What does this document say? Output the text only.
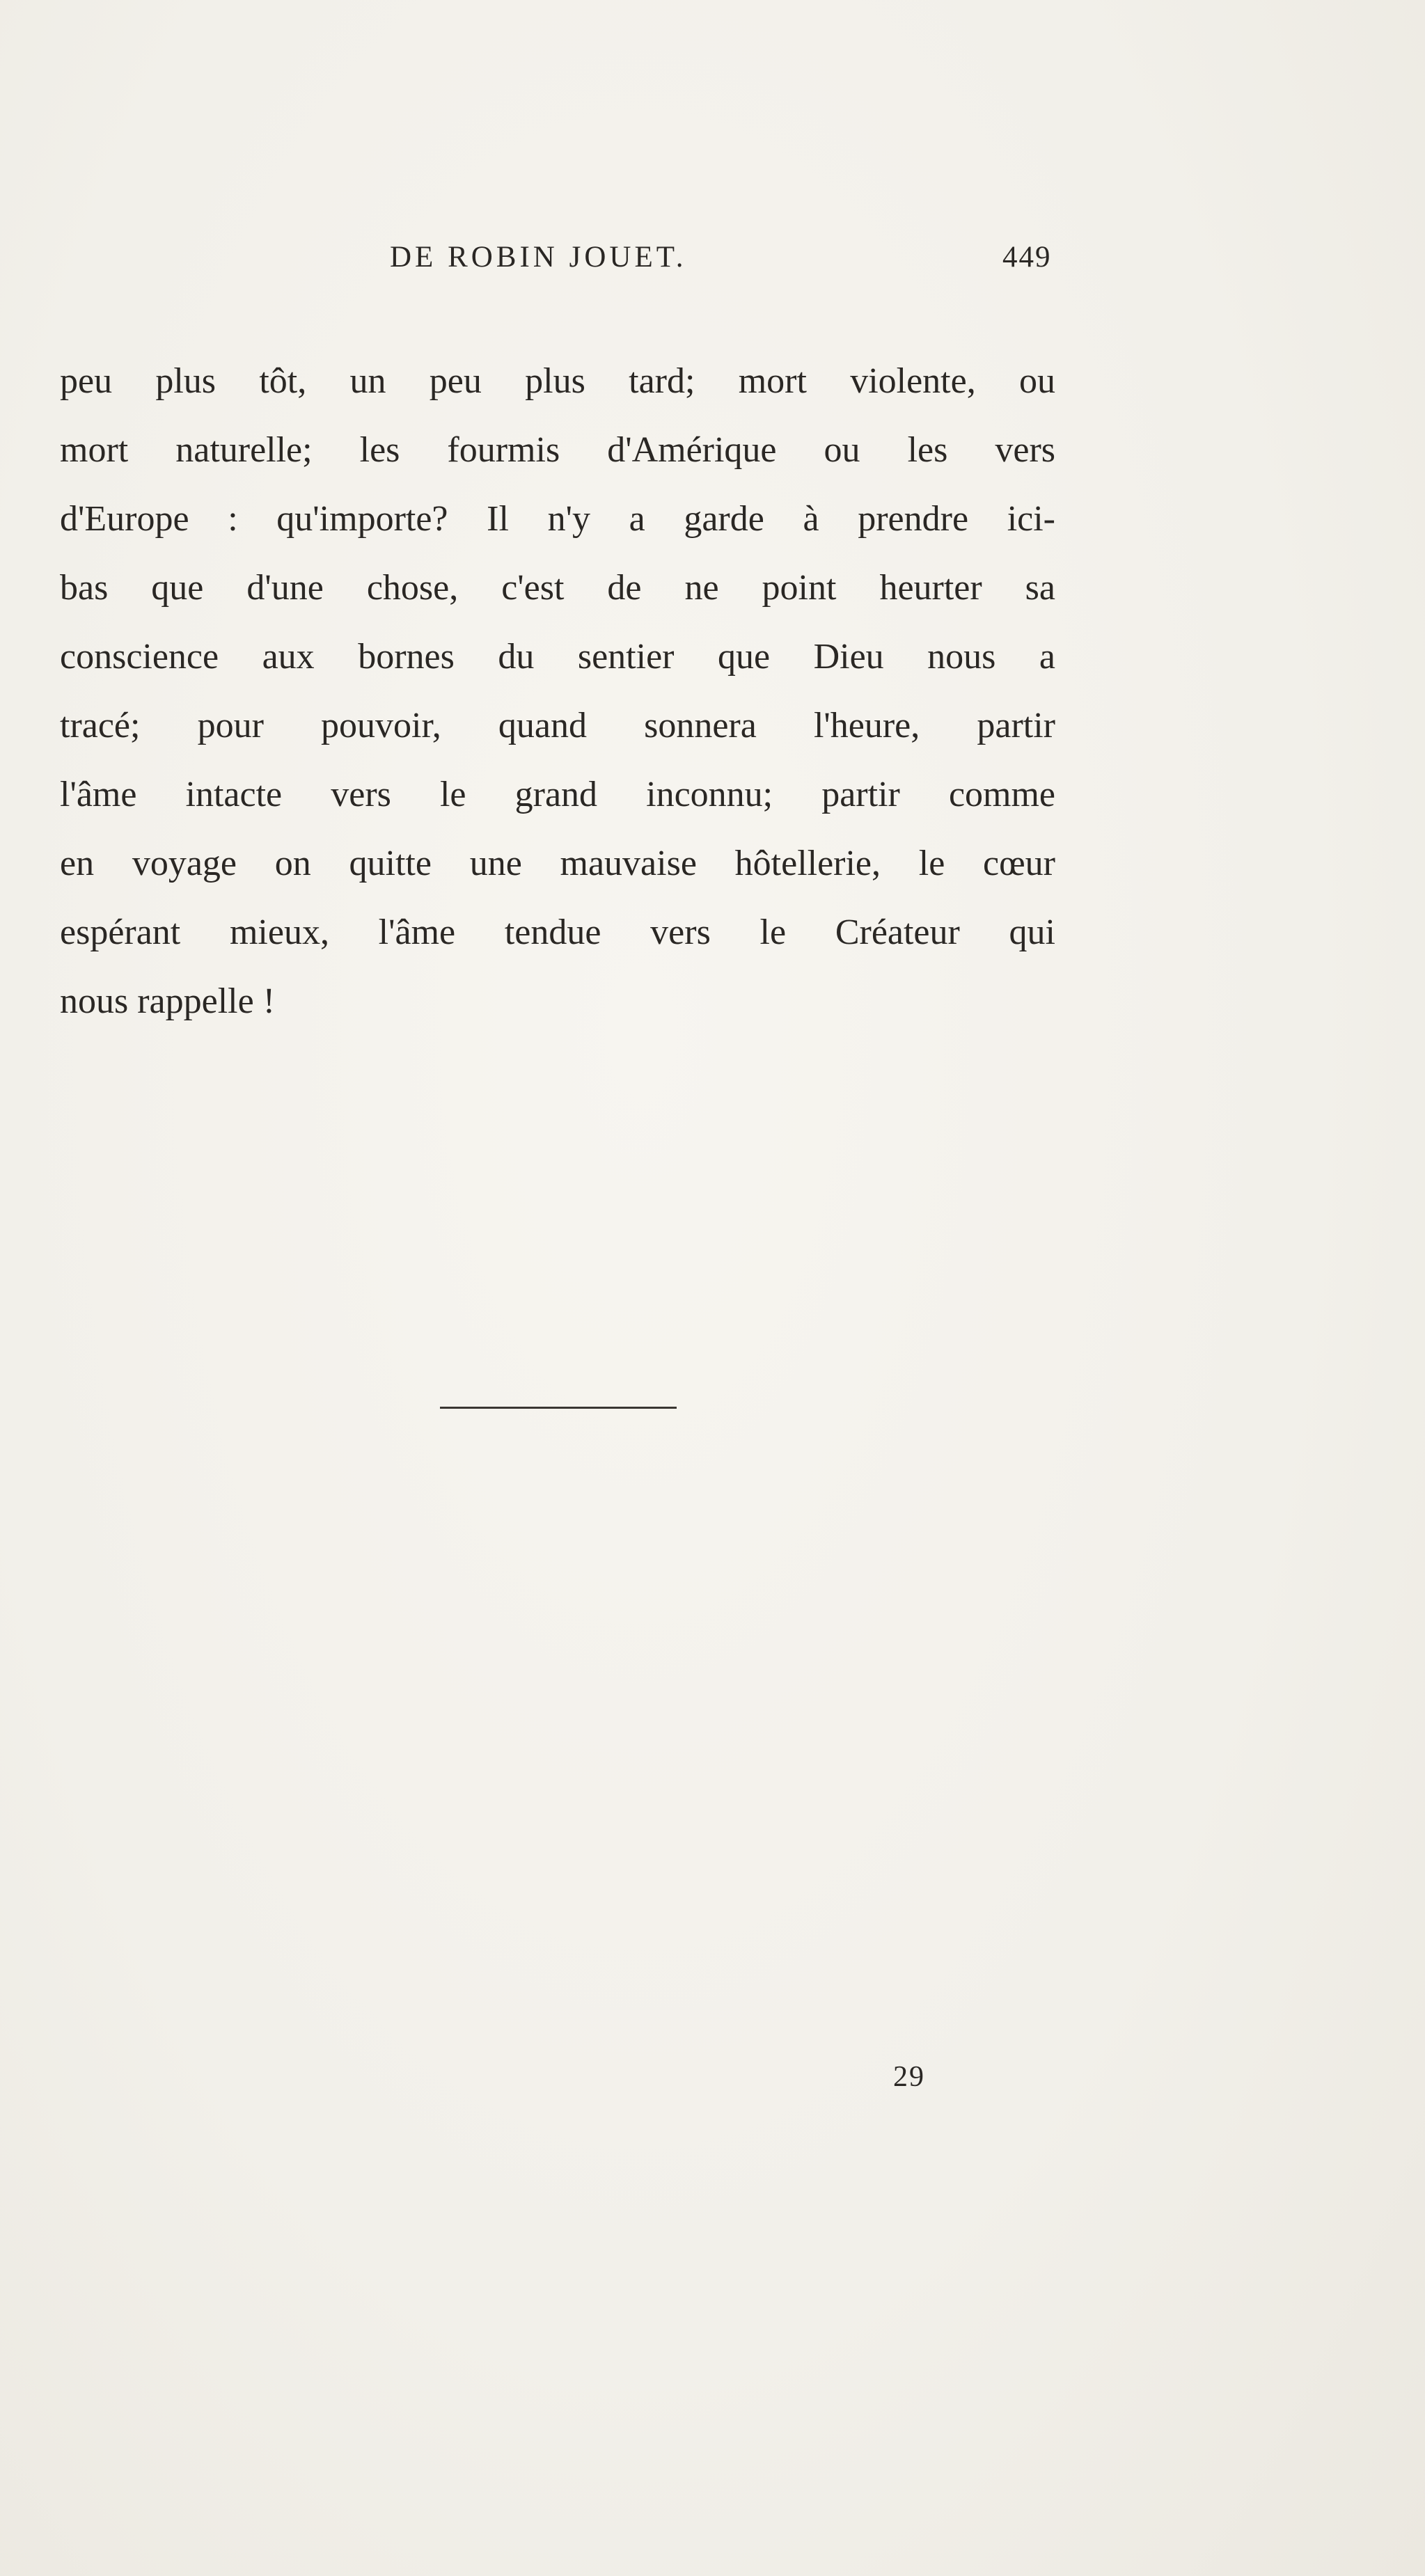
DE ROBIN JOUET.	449
peu plus tôt, un peu plus tard; mort violente, ou
mort naturelle; les fourmis d'Amérique ou les vers
d'Europe : qu'importe? Il n'y a garde à prendre ici-
bas que d'une chose, c'est de ne point heurter sa
conscience aux bornes du sentier que Dieu nous a
tracé; pour pouvoir, quand sonnera l'heure, partir
l'âme intacte vers le grand inconnu; partir comme
en voyage on quitte une mauvaise hôtellerie, le cœur
espérant mieux, l'âme tendue vers le Créateur qui
nous rappelle !
29
